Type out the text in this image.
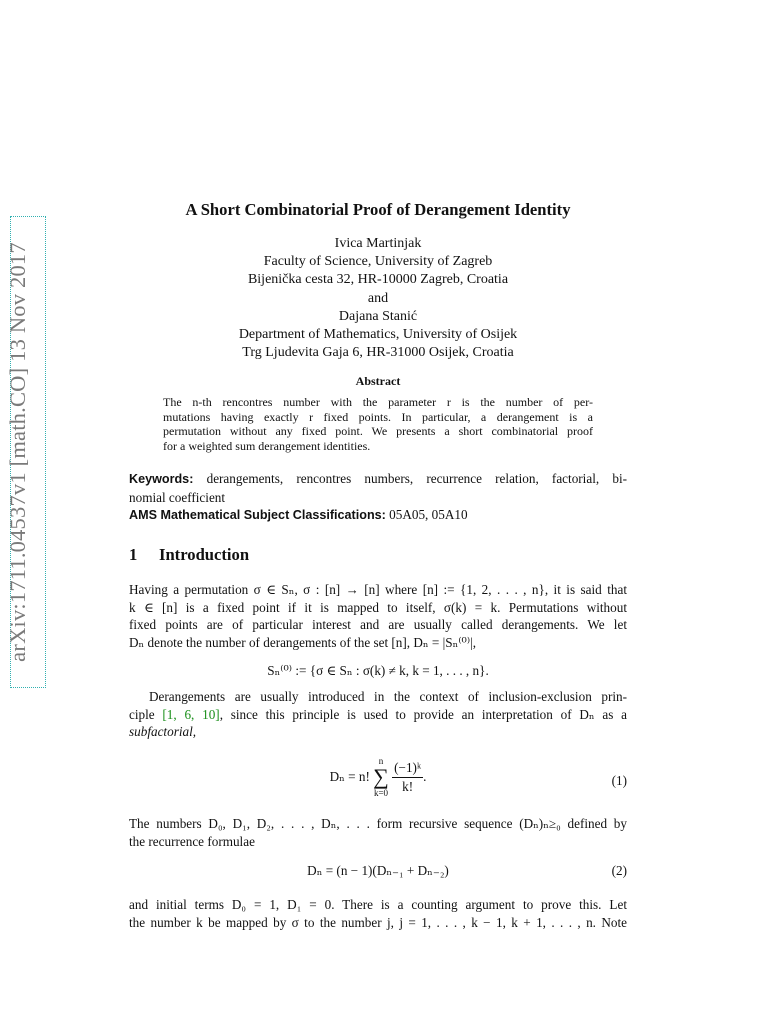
arXiv:1711.04537v1 [math.CO] 13 Nov 2017
A Short Combinatorial Proof of Derangement Identity
Ivica Martinjak
Faculty of Science, University of Zagreb
Bijenička cesta 32, HR-10000 Zagreb, Croatia
and
Dajana Stanić
Department of Mathematics, University of Osijek
Trg Ljudevita Gaja 6, HR-31000 Osijek, Croatia
Abstract
The n-th rencontres number with the parameter r is the number of per-
mutations having exactly r fixed points. In particular, a derangement is a
permutation without any fixed point. We presents a short combinatorial proof
for a weighted sum derangement identities.
Keywords: derangements, rencontres numbers, recurrence relation, factorial, bi-
nomial coefficient
AMS Mathematical Subject Classifications: 05A05, 05A10
1 Introduction
Having a permutation σ ∈ Sₙ, σ : [n] → [n] where [n] := {1, 2, . . . , n}, it is said that
k ∈ [n] is a fixed point if it is mapped to itself, σ(k) = k. Permutations without
fixed points are of particular interest and are usually called derangements. We let
Dₙ denote the number of derangements of the set [n], Dₙ = |Sₙ⁽⁰⁾|,
Sₙ⁽⁰⁾ := {σ ∈ Sₙ : σ(k) ≠ k, k = 1, . . . , n}.
Derangements are usually introduced in the context of inclusion-exclusion prin-
ciple [1, 6, 10], since this principle is used to provide an interpretation of Dₙ as a
subfactorial,
Dₙ = n!
n
∑
k=0
$\frac{\text{(−1)ᵏ}}{k!}$ .	(1)
The numbers D₀, D₁, D₂, . . . , Dₙ, . . . form recursive sequence (Dₙ)ₙ≥₀ defined by
the recurrence formulae
Dₙ = (n − 1)(Dₙ₋₁ + Dₙ₋₂)	(2)
and initial terms D₀ = 1, D₁ = 0. There is a counting argument to prove this. Let
the number k be mapped by σ to the number j, j = 1, . . . , k − 1, k + 1, . . . , n. Note
